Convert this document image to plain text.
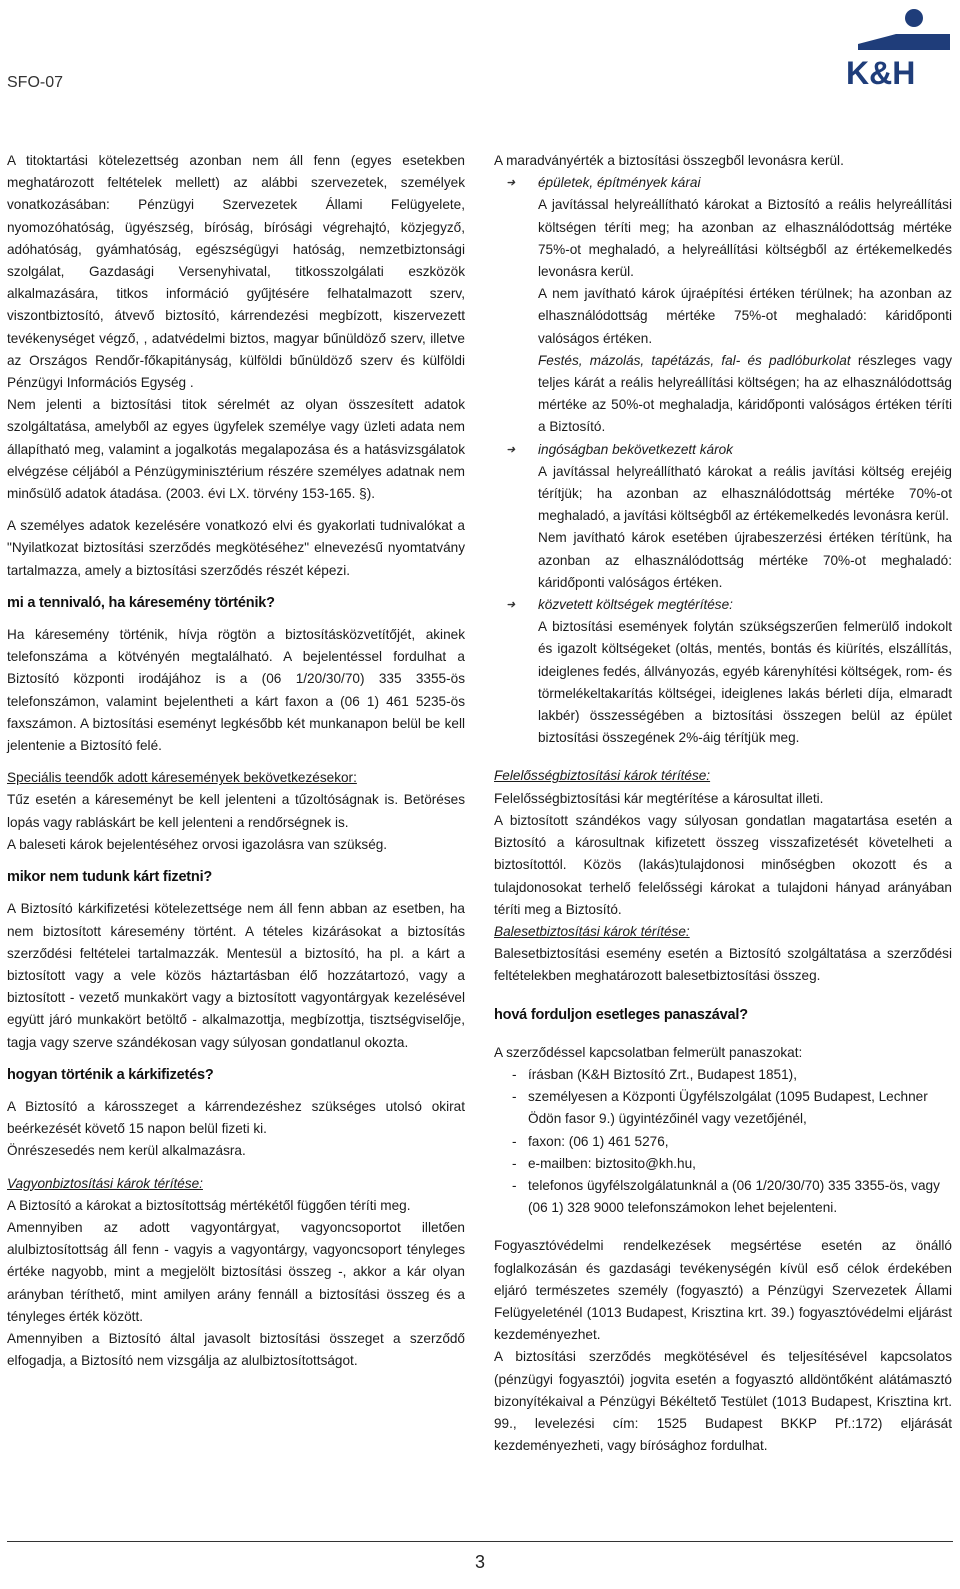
SFO-07	K&H

A titoktartási kötelezettség azonban nem áll fenn (egyes esetekben meghatározott feltételek mellett) az alábbi szervezetek, személyek vonatkozásában: Pénzügyi Szervezetek Állami Felügyelete, nyomozóhatóság, ügyészség, bíróság, bírósági végrehajtó, közjegyző, adóhatóság, gyámhatóság, egészségügyi hatóság, nemzetbiztonsági szolgálat, Gazdasági Versenyhivatal, titkosszolgálati eszközök alkalmazására, titkos információ gyűjtésére felhatalmazott szerv, viszontbiztosító, átvevő biztosító, kárrendezési megbízott, kiszervezett tevékenységet végző, , adatvédelmi biztos, magyar bűnüldöző szerv, illetve az Országos Rendőr-főkapitányság, külföldi bűnüldöző szerv és külföldi Pénzügyi Információs Egység .

Nem jelenti a biztosítási titok sérelmét az olyan összesített adatok szolgáltatása, amelyből az egyes ügyfelek személye vagy üzleti adata nem állapítható meg, valamint a jogalkotás megalapozása és a hatásvizsgálatok elvégzése céljából a Pénzügyminisztérium részére személyes adatnak nem minősülő adatok átadása. (2003. évi LX. törvény 153-165. §).

A személyes adatok kezelésére vonatkozó elvi és gyakorlati tudnivalókat a "Nyilatkozat biztosítási szerződés megkötéséhez" elnevezésű nyomtatvány tartalmazza, amely a biztosítási szerződés részét képezi.

mi a tennivaló, ha káresemény történik?

Ha káresemény történik, hívja rögtön a biztosításközvetítőjét, akinek telefonszáma a kötvényén megtalálható. A bejelentéssel fordulhat a Biztosító központi irodájához is a (06 1/20/30/70) 335 3355-ös telefonszámon, valamint bejelentheti a kárt faxon a (06 1) 461 5235-ös faxszámon. A biztosítási eseményt legkésőbb két munkanapon belül be kell jelentenie a Biztosító felé.

Speciális teendők adott káresemények bekövetkezésekor:

Tűz esetén a káreseményt be kell jelenteni a tűzoltóságnak is. Betöréses lopás vagy rabláskárt be kell jelenteni a rendőrségnek is.

A baleseti károk bejelentéséhez orvosi igazolásra van szükség.

mikor nem tudunk kárt fizetni?

A Biztosító kárkifizetési kötelezettsége nem áll fenn abban az esetben, ha nem biztosított káresemény történt. A tételes kizárásokat a biztosítás szerződési feltételei tartalmazzák. Mentesül a biztosító, ha pl. a kárt a biztosított vagy a vele közös háztartásban élő hozzátartozó, vagy a biztosított - vezető munkakört vagy a biztosított vagyontárgyak kezelésével együtt járó munkakört betöltő - alkalmazottja, megbízottja, tisztségviselője, tagja vagy szerve szándékosan vagy súlyosan gondatlanul okozta.

hogyan történik a kárkifizetés?

A Biztosító a károsszeget a kárrendezéshez szükséges utolsó okirat beérkezését követő 15 napon belül fizeti ki.

Önrészesedés nem kerül alkalmazásra.

Vagyonbiztosítási károk térítése:

A Biztosító a károkat a biztosítottság mértékétől függően téríti meg.

Amennyiben az adott vagyontárgyat, vagyoncsoportot illetően alulbiztosítottság áll fenn - vagyis a vagyontárgy, vagyoncsoport tényleges értéke nagyobb, mint a megjelölt biztosítási összeg -, akkor a kár olyan arányban téríthető, mint amilyen arány fennáll a biztosítási összeg és a tényleges érték között.

Amennyiben a Biztosító által javasolt biztosítási összeget a szerződő elfogadja, a Biztosító nem vizsgálja az alulbiztosítottságot.

A maradványérték a biztosítási összegből levonásra kerül.

➜ épületek, építmények kárai

A javítással helyreállítható károkat a Biztosító a reális helyreállítási költségen téríti meg; ha azonban az elhasználódottság mértéke 75%-ot meghaladó, a helyreállítási költségből az értékemelkedés levonásra kerül.

A nem javítható károk újraépítési értéken térülnek; ha azonban az elhasználódottság mértéke 75%-ot meghaladó: káridőponti valóságos értéken.

Festés, mázolás, tapétázás, fal- és padlóburkolat részleges vagy teljes kárát a reális helyreállítási költségen; ha az elhasználódottság mértéke az 50%-ot meghaladja, káridőponti valóságos értéken téríti a Biztosító.

➜ ingóságban bekövetkezett károk

A javítással helyreállítható károkat a reális javítási költség erejéig térítjük; ha azonban az elhasználódottság mértéke 70%-ot meghaladó, a javítási költségből az értékemelkedés levonásra kerül.

Nem javítható károk esetében újrabeszerzési értéken térítünk, ha azonban az elhasználódottság mértéke 70%-ot meghaladó: káridőponti valóságos értéken.

➜ közvetett költségek megtérítése:

A biztosítási események folytán szükségszerűen felmerülő indokolt és igazolt költségeket (oltás, mentés, bontás és kiürítés, elszállítás, ideiglenes fedés, állványozás, egyéb kárenyhítési költségek, rom- és törmelékeltakarítás költségei, ideiglenes lakás bérleti díja, elmaradt lakbér) összességében a biztosítási összegen belül az épület biztosítási összegének 2%-áig térítjük meg.

Felelősségbiztosítási károk térítése:

Felelősségbiztosítási kár megtérítése a károsultat illeti.

A biztosított szándékos vagy súlyosan gondatlan magatartása esetén a Biztosító a károsultnak kifizetett összeg visszafizetését követelheti a biztosítottól. Közös (lakás)tulajdonosi minőségben okozott és a tulajdonosokat terhelő felelősségi károkat a tulajdoni hányad arányában téríti meg a Biztosító.

Balesetbiztosítási károk térítése:

Balesetbiztosítási esemény esetén a Biztosító szolgáltatása a szerződési feltételekben meghatározott balesetbiztosítási összeg.

hová forduljon esetleges panaszával?

A szerződéssel kapcsolatban felmerült panaszokat:

- írásban (K&H Biztosító Zrt., Budapest 1851),

- személyesen a Központi Ügyfélszolgálat (1095 Budapest, Lechner Ödön fasor 9.) ügyintézőinél vagy vezetőjénél,

- faxon: (06 1) 461 5276,

- e-mailben: biztosito@kh.hu,

- telefonos ügyfélszolgálatunknál a (06 1/20/30/70) 335 3355-ös, vagy (06 1) 328 9000 telefonszámokon lehet bejelenteni.

Fogyasztóvédelmi rendelkezések megsértése esetén az önálló foglalkozásán és gazdasági tevékenységén kívül eső célok érdekében eljáró természetes személy (fogyasztó) a Pénzügyi Szervezetek Állami Felügyeleténél (1013 Budapest, Krisztina krt. 39.) fogyasztóvédelmi eljárást kezdeményezhet.

A biztosítási szerződés megkötésével és teljesítésével kapcsolatos (pénzügyi fogyasztói) jogvita esetén a fogyasztó alldöntőként alátámasztó bizonyítékaival a Pénzügyi Békéltető Testület (1013 Budapest, Krisztina krt. 99., levelezési cím: 1525 Budapest BKKP Pf.:172) eljárását kezdeményezheti, vagy bírósághoz fordulhat.

3
